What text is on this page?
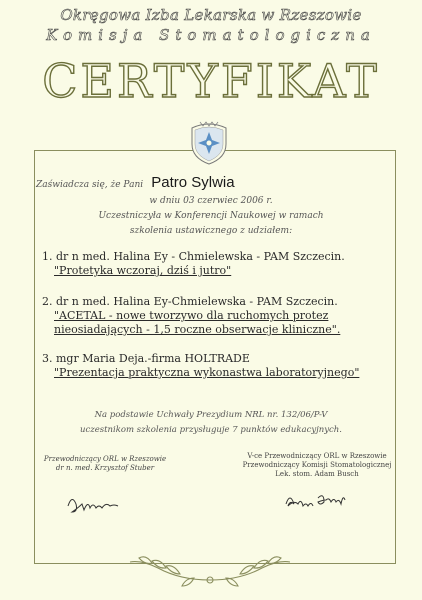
Okręgowa Izba Lekarska w Rzeszowie
Komisja Stomatologiczna
CERTYFIKAT
Zaświadcza się, że Pani Patro Sylwia
w dniu 03 czerwiec 2006 r.
Uczestniczyła w Konferencji Naukowej w ramach
szkolenia ustawicznego z udziałem:
1. dr n med. Halina Ey - Chmielewska - PAM Szczecin.
"Protetyka wczoraj, dziś i jutro"
2. dr n med. Halina Ey-Chmielewska - PAM Szczecin.
"ACETAL - nowe tworzywo dla ruchomych protez
nieosiadających - 1,5 roczne obserwacje kliniczne".
3. mgr Maria Deja.-firma HOLTRADE
"Prezentacja praktyczna wykonastwa laboratoryjnego"
Na podstawie Uchwały Prezydium NRL nr. 132/06/P-V
uczestnikom szkolenia przysługuje 7 punktów edukacyjnych.
Przewodniczący ORL w Rzeszowie
dr n. med. Krzysztof Stuber
V-ce Przewodniczący ORL w Rzeszowie
Przewodniczący Komisji Stomatologicznej
Lek. stom. Adam Busch
